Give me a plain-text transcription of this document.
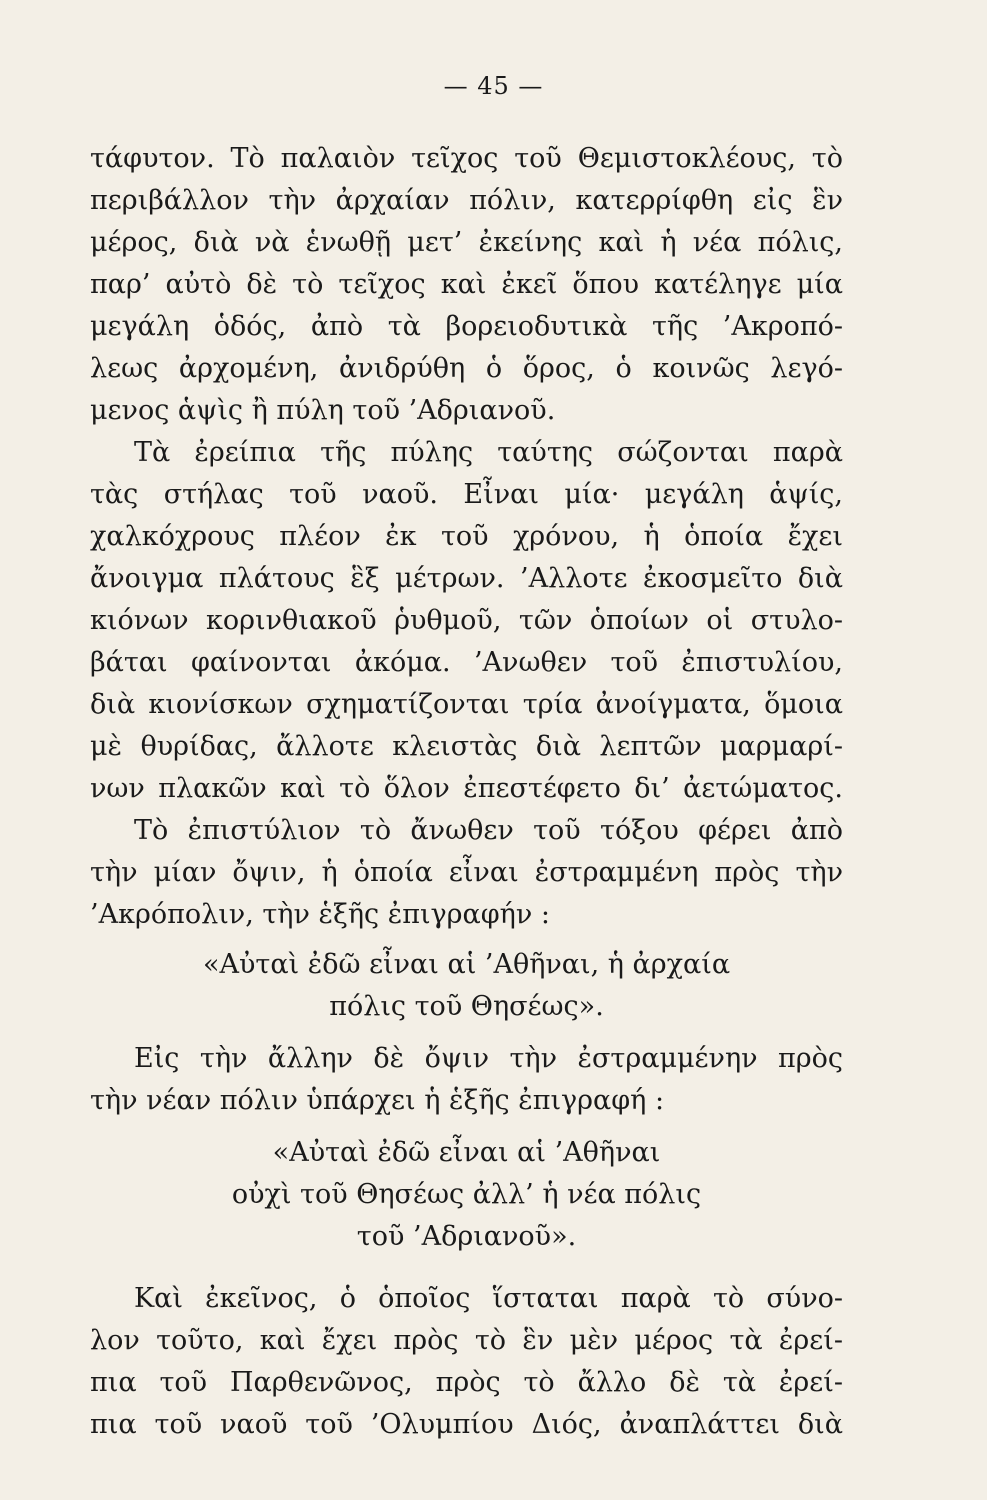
— 45 —
τάφυτον. Τὸ παλαιὸν τεῖχος τοῦ Θεμιστοκλέους, τὸ
περιβάλλον τὴν ἀρχαίαν πόλιν, κατερρίφθη εἰς ἓν
μέρος, διὰ νὰ ἑνωθῇ μετ’ ἐκείνης καὶ ἡ νέα πόλις,
παρ’ αὐτὸ δὲ τὸ τεῖχος καὶ ἐκεῖ ὅπου κατέληγε μία
μεγάλη ὁδός, ἀπὸ τὰ βορειοδυτικὰ τῆς ’Ακροπό-
λεως ἀρχομένη, ἀνιδρύθη ὁ ὅρος, ὁ κοινῶς λεγό-
μενος ἁψὶς ἢ πύλη τοῦ ’Αδριανοῦ.
Τὰ ἐρείπια τῆς πύλης ταύτης σώζονται παρὰ
τὰς στήλας τοῦ ναοῦ. Εἶναι μία· μεγάλη ἁψίς,
χαλκόχρους πλέον ἐκ τοῦ χρόνου, ἡ ὁποία ἔχει
ἄνοιγμα πλάτους ἓξ μέτρων. ’Αλλοτε ἐκοσμεῖτο διὰ
κιόνων κορινθιακοῦ ῥυθμοῦ, τῶν ὁποίων οἱ στυλο-
βάται φαίνονται ἀκόμα. ’Ανωθεν τοῦ ἐπιστυλίου,
διὰ κιονίσκων σχηματίζονται τρία ἀνοίγματα, ὅμοια
μὲ θυρίδας, ἄλλοτε κλειστὰς διὰ λεπτῶν μαρμαρί-
νων πλακῶν καὶ τὸ ὅλον ἐπεστέφετο δι’ ἀετώματος.
Τὸ ἐπιστύλιον τὸ ἄνωθεν τοῦ τόξου φέρει ἀπὸ
τὴν μίαν ὄψιν, ἡ ὁποία εἶναι ἐστραμμένη πρὸς τὴν
’Ακρόπολιν, τὴν ἑξῆς ἐπιγραφήν :
«Αὐταὶ ἐδῶ εἶναι αἱ ’Αθῆναι, ἡ ἀρχαία
πόλις τοῦ Θησέως».
Εἰς τὴν ἄλλην δὲ ὄψιν τὴν ἐστραμμένην πρὸς
τὴν νέαν πόλιν ὑπάρχει ἡ ἑξῆς ἐπιγραφή :
«Αὐταὶ ἐδῶ εἶναι αἱ ’Αθῆναι
οὐχὶ τοῦ Θησέως ἀλλ’ ἡ νέα πόλις
τοῦ ’Αδριανοῦ».
Καὶ ἐκεῖνος, ὁ ὁποῖος ἵσταται παρὰ τὸ σύνο-
λον τοῦτο, καὶ ἔχει πρὸς τὸ ἓν μὲν μέρος τὰ ἐρεί-
πια τοῦ Παρθενῶνος, πρὸς τὸ ἄλλο δὲ τὰ ἐρεί-
πια τοῦ ναοῦ τοῦ ’Ολυμπίου Διός, ἀναπλάττει διὰ
